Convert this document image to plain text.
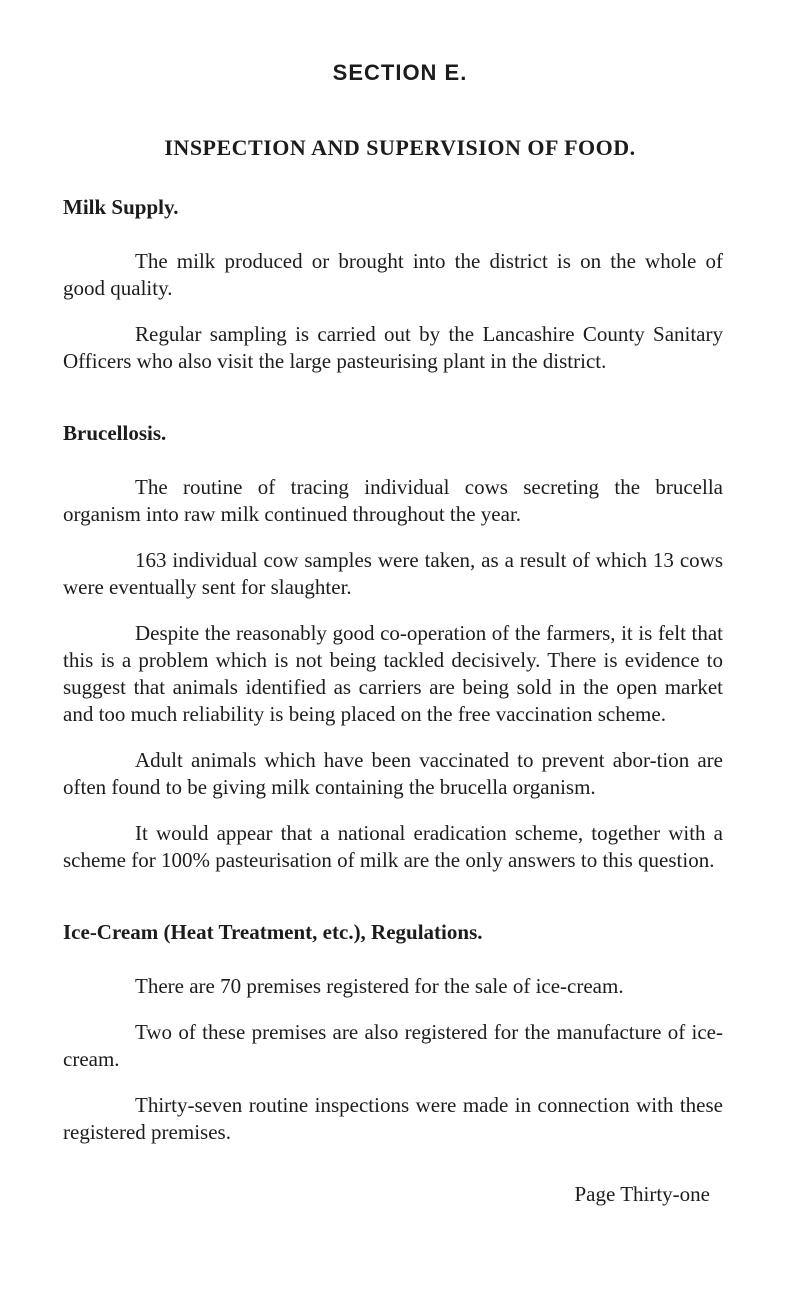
SECTION E.
INSPECTION AND SUPERVISION OF FOOD.
Milk Supply.

The milk produced or brought into the district is on the whole of good quality.

Regular sampling is carried out by the Lancashire County Sanitary Officers who also visit the large pasteurising plant in the district.

Brucellosis.

The routine of tracing individual cows secreting the brucella organism into raw milk continued throughout the year.

163 individual cow samples were taken, as a result of which 13 cows were eventually sent for slaughter.

Despite the reasonably good co-operation of the farmers, it is felt that this is a problem which is not being tackled decisively. There is evidence to suggest that animals identified as carriers are being sold in the open market and too much reliability is being placed on the free vaccination scheme.

Adult animals which have been vaccinated to prevent abor-tion are often found to be giving milk containing the brucella organism.

It would appear that a national eradication scheme, together with a scheme for 100% pasteurisation of milk are the only answers to this question.

Ice-Cream (Heat Treatment, etc.), Regulations.

There are 70 premises registered for the sale of ice-cream.

Two of these premises are also registered for the manufacture of ice-cream.

Thirty-seven routine inspections were made in connection with these registered premises.

Page Thirty-one
